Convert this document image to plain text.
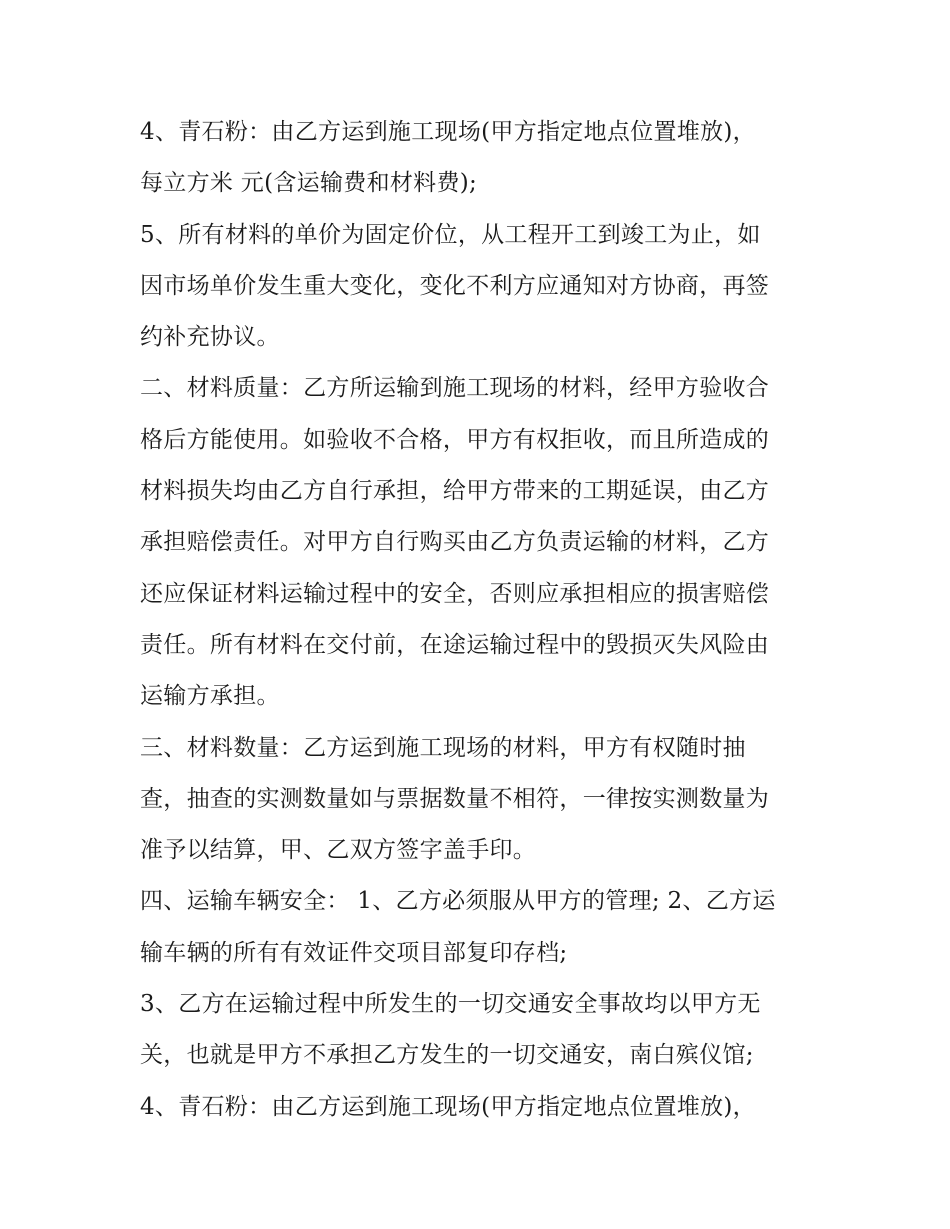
4、青石粉：由乙方运到施工现场(甲方指定地点位置堆放)，
每立方米 元(含运输费和材料费);
5、所有材料的单价为固定价位，从工程开工到竣工为止，如
因市场单价发生重大变化，变化不利方应通知对方协商，再签
约补充协议。
二、材料质量：乙方所运输到施工现场的材料，经甲方验收合
格后方能使用。如验收不合格，甲方有权拒收，而且所造成的
材料损失均由乙方自行承担，给甲方带来的工期延误，由乙方
承担赔偿责任。对甲方自行购买由乙方负责运输的材料，乙方
还应保证材料运输过程中的安全，否则应承担相应的损害赔偿
责任。所有材料在交付前，在途运输过程中的毁损灭失风险由
运输方承担。
三、材料数量：乙方运到施工现场的材料，甲方有权随时抽
查，抽查的实测数量如与票据数量不相符，一律按实测数量为
准予以结算，甲、乙双方签字盖手印。
四、运输车辆安全： 1、乙方必须服从甲方的管理; 2、乙方运
输车辆的所有有效证件交项目部复印存档;
3、乙方在运输过程中所发生的一切交通安全事故均以甲方无
关，也就是甲方不承担乙方发生的一切交通安，南白殡仪馆;
4、青石粉：由乙方运到施工现场(甲方指定地点位置堆放)，
